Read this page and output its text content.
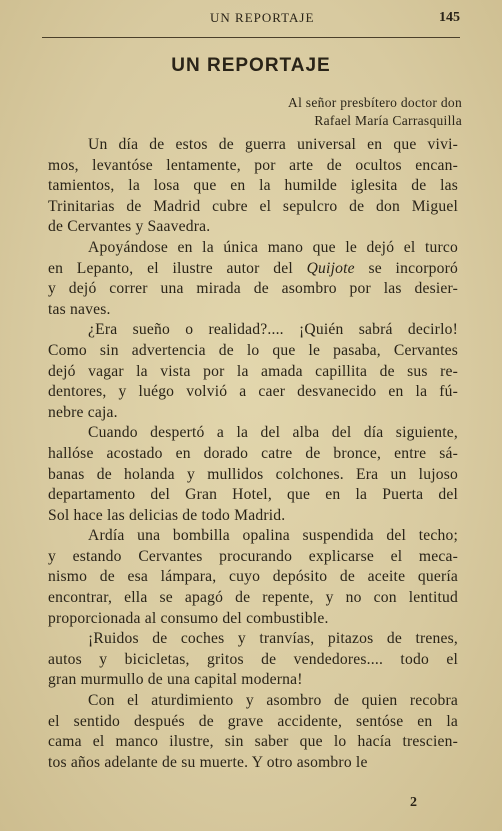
UN REPORTAJE	145
UN REPORTAJE
Al señor presbítero doctor don
Rafael María Carrasquilla
Un día de estos de guerra universal en que vivi-
mos, levantóse lentamente, por arte de ocultos encan-
tamientos, la losa que en la humilde iglesita de las
Trinitarias de Madrid cubre el sepulcro de don Miguel
de Cervantes y Saavedra.
Apoyándose en la única mano que le dejó el turco
en Lepanto, el ilustre autor del Quijote se incorporó
y dejó correr una mirada de asombro por las desier-
tas naves.
¿Era sueño o realidad?.... ¡Quién sabrá decirlo!
Como sin advertencia de lo que le pasaba, Cervantes
dejó vagar la vista por la amada capillita de sus re-
dentores, y luégo volvió a caer desvanecido en la fú-
nebre caja.
Cuando despertó a la del alba del día siguiente,
hallóse acostado en dorado catre de bronce, entre sá-
banas de holanda y mullidos colchones. Era un lujoso
departamento del Gran Hotel, que en la Puerta del
Sol hace las delicias de todo Madrid.
Ardía una bombilla opalina suspendida del techo;
y estando Cervantes procurando explicarse el meca-
nismo de esa lámpara, cuyo depósito de aceite quería
encontrar, ella se apagó de repente, y no con lentitud
proporcionada al consumo del combustible.
¡Ruidos de coches y tranvías, pitazos de trenes,
autos y bicicletas, gritos de vendedores.... todo el
gran murmullo de una capital moderna!
Con el aturdimiento y asombro de quien recobra
el sentido después de grave accidente, sentóse en la
cama el manco ilustre, sin saber que lo hacía trescien-
tos años adelante de su muerte. Y otro asombro le
2
